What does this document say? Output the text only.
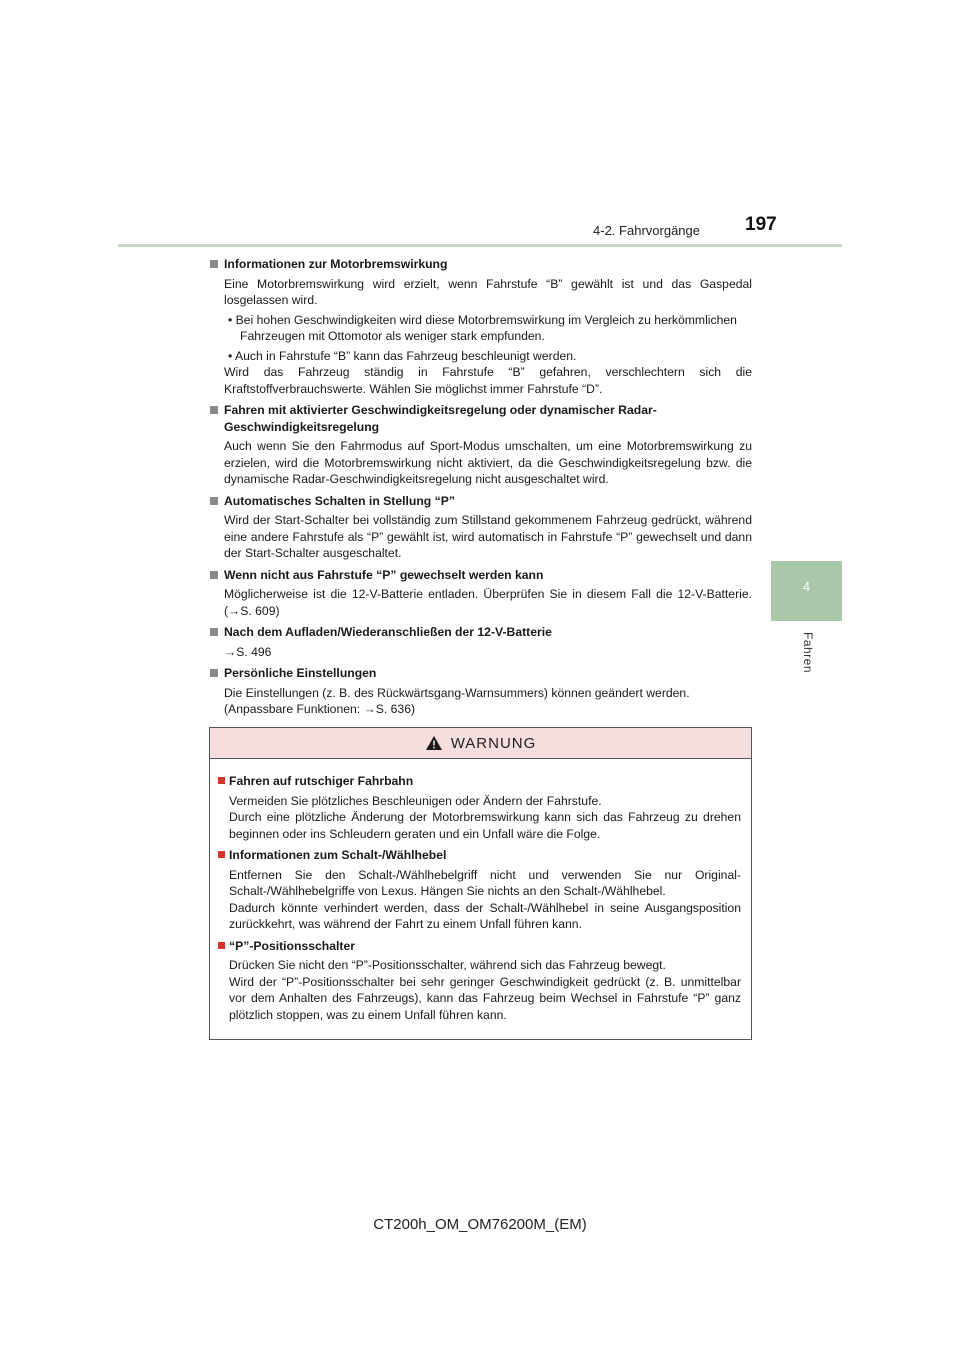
4-2. Fahrvorgänge 197
4
Fahren
Informationen zur Motorbremswirkung
Eine Motorbremswirkung wird erzielt, wenn Fahrstufe “B” gewählt ist und das Gaspedal losgelassen wird.
• Bei hohen Geschwindigkeiten wird diese Motorbremswirkung im Vergleich zu herkömmlichen Fahrzeugen mit Ottomotor als weniger stark empfunden.
• Auch in Fahrstufe “B” kann das Fahrzeug beschleunigt werden.
Wird das Fahrzeug ständig in Fahrstufe “B” gefahren, verschlechtern sich die Kraftstoffverbrauchswerte. Wählen Sie möglichst immer Fahrstufe “D”.
Fahren mit aktivierter Geschwindigkeitsregelung oder dynamischer Radar-Geschwindigkeitsregelung
Auch wenn Sie den Fahrmodus auf Sport-Modus umschalten, um eine Motorbremswirkung zu erzielen, wird die Motorbremswirkung nicht aktiviert, da die Geschwindigkeitsregelung bzw. die dynamische Radar-Geschwindigkeitsregelung nicht ausgeschaltet wird.
Automatisches Schalten in Stellung “P”
Wird der Start-Schalter bei vollständig zum Stillstand gekommenem Fahrzeug gedrückt, während eine andere Fahrstufe als “P” gewählt ist, wird automatisch in Fahrstufe “P” gewechselt und dann der Start-Schalter ausgeschaltet.
Wenn nicht aus Fahrstufe “P” gewechselt werden kann
Möglicherweise ist die 12-V-Batterie entladen. Überprüfen Sie in diesem Fall die 12-V-Batterie. (→S. 609)
Nach dem Aufladen/Wiederanschließen der 12-V-Batterie
→S. 496
Persönliche Einstellungen
Die Einstellungen (z. B. des Rückwärtsgang-Warnsummers) können geändert werden.
(Anpassbare Funktionen: →S. 636)
WARNUNG
Fahren auf rutschiger Fahrbahn
Vermeiden Sie plötzliches Beschleunigen oder Ändern der Fahrstufe.
Durch eine plötzliche Änderung der Motorbremswirkung kann sich das Fahrzeug zu drehen beginnen oder ins Schleudern geraten und ein Unfall wäre die Folge.
Informationen zum Schalt-/Wählhebel
Entfernen Sie den Schalt-/Wählhebelgriff nicht und verwenden Sie nur Original-Schalt-/Wählhebelgriffe von Lexus. Hängen Sie nichts an den Schalt-/Wählhebel.
Dadurch könnte verhindert werden, dass der Schalt-/Wählhebel in seine Ausgangsposition zurückkehrt, was während der Fahrt zu einem Unfall führen kann.
“P”-Positionsschalter
Drücken Sie nicht den “P”-Positionsschalter, während sich das Fahrzeug bewegt.
Wird der “P”-Positionsschalter bei sehr geringer Geschwindigkeit gedrückt (z. B. unmittelbar vor dem Anhalten des Fahrzeugs), kann das Fahrzeug beim Wechsel in Fahrstufe “P” ganz plötzlich stoppen, was zu einem Unfall führen kann.
CT200h_OM_OM76200M_(EM)
